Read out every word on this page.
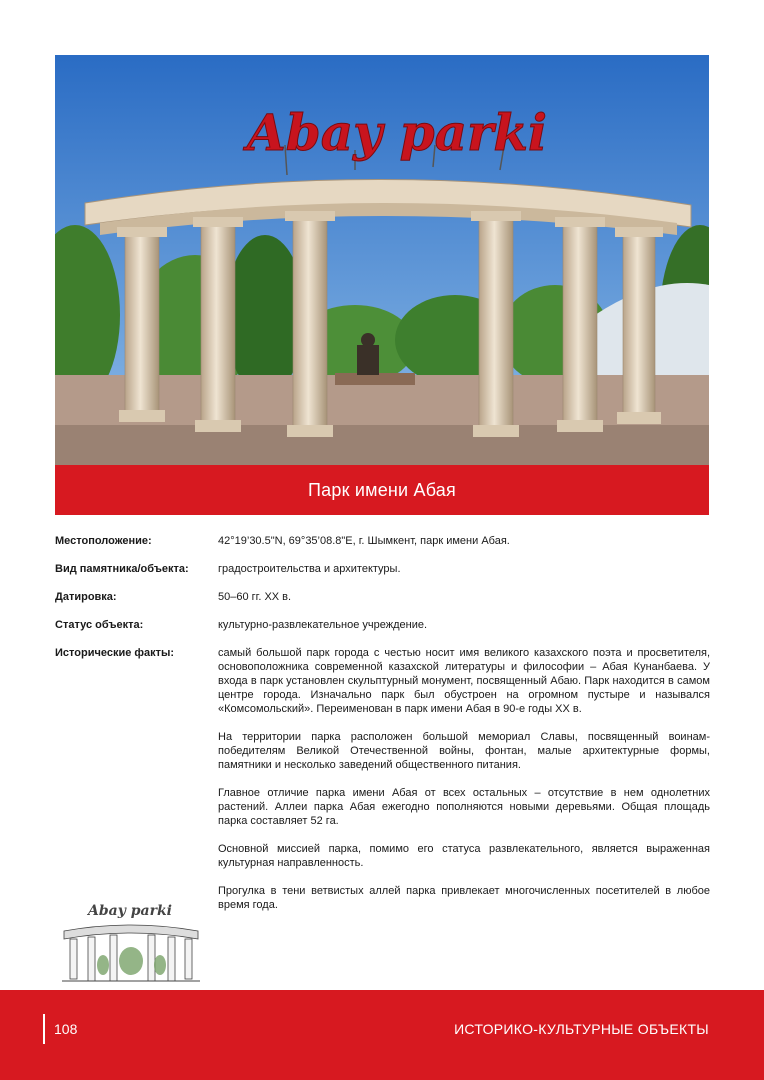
Abay parki
Парк имени Абая
Местоположение:	42°19’30.5"N, 69°35’08.8"E, г. Шымкент, парк имени Абая.
Вид памятника/объекта:	градостроительства и архитектуры.
Датировка:	50–60 гг. XX в.
Статус объекта:	культурно-развлекательное учреждение.
Исторические факты:	самый большой парк города с честью носит имя великого казахского поэта и просветителя, основоположника современной казахской литературы и философии – Абая Кунанбаева. У входа в парк установлен скульптурный монумент, посвященный Абаю. Парк находится в самом центре города. Изначально парк был обустроен на огромном пустыре и назывался «Комсомольский». Переименован в парк имени Абая в 90-е годы XX в.

На территории парка расположен большой мемориал Славы, посвященный воинам-победителям Великой Отечественной войны, фонтан, малые архитектурные формы, памятники и несколько заведений общественного питания.

Главное отличие парка имени Абая от всех остальных – отсутствие в нем однолетних растений. Аллеи парка Абая ежегодно пополняются новыми деревьями. Общая площадь парка составляет 52 га.

Основной миссией парка, помимо его статуса развлекательного, является выраженная культурная направленность.

Прогулка в тени ветвистых аллей парка привлекает многочисленных посетителей в любое время года.

Abay parki
108	ИСТОРИКО-КУЛЬТУРНЫЕ ОБЪЕКТЫ
